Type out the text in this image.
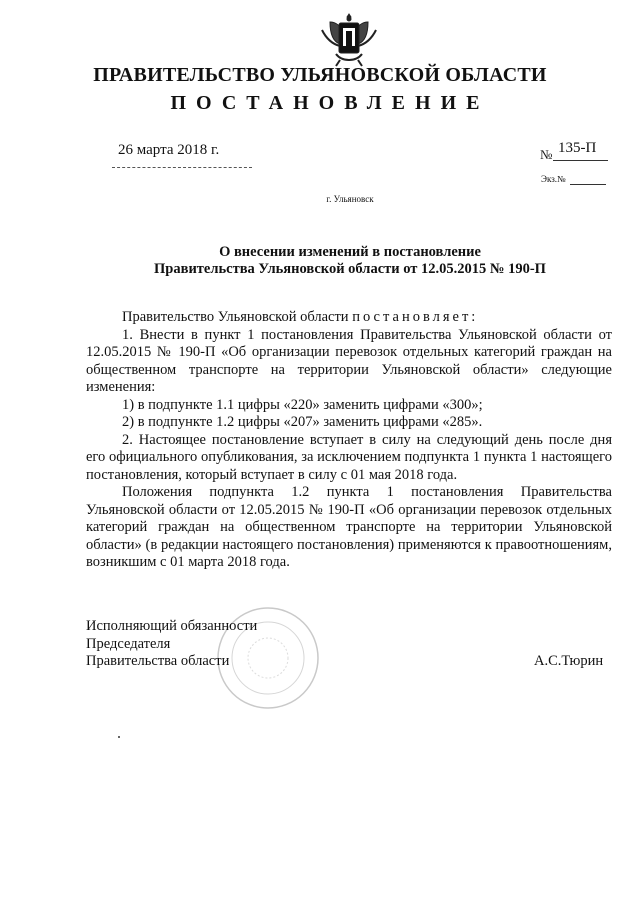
ПРАВИТЕЛЬСТВО УЛЬЯНОВСКОЙ ОБЛАСТИ
ПОСТАНОВЛЕНИЕ
26 марта 2018 г.	№ 135-П
Экз.№
г. Ульяновск
О внесении изменений в постановление
Правительства Ульяновской области от 12.05.2015 № 190-П

Правительство Ульяновской области постановляет:

1. Внести в пункт 1 постановления Правительства Ульяновской области от 12.05.2015 № 190-П «Об организации перевозок отдельных категорий граждан на общественном транспорте на территории Ульяновской области» следующие изменения:

1) в подпункте 1.1 цифры «220» заменить цифрами «300»;

2) в подпункте 1.2 цифры «207» заменить цифрами «285».

2. Настоящее постановление вступает в силу на следующий день после дня его официального опубликования, за исключением подпункта 1 пункта 1 настоящего постановления, который вступает в силу с 01 мая 2018 года.

Положения подпункта 1.2 пункта 1 постановления Правительства Ульяновской области от 12.05.2015 № 190-П «Об организации перевозок отдельных категорий граждан на общественном транспорте на территории Ульяновской области» (в редакции настоящего постановления) применяются к правоотношениям, возникшим с 01 марта 2018 года.

Исполняющий обязанности
Председателя
Правительства области	А.С.Тюрин
